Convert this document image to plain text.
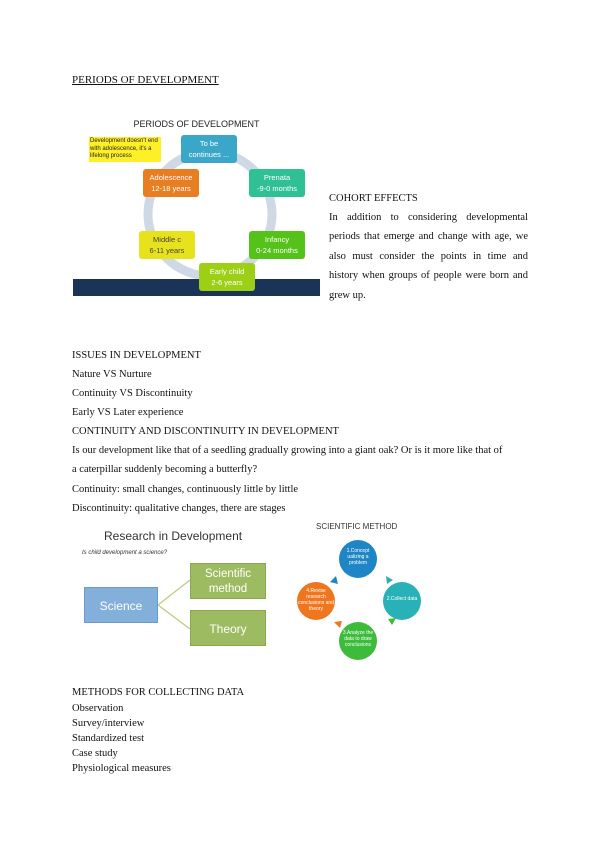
PERIODS OF DEVELOPMENT
PERIODS OF DEVELOPMENT
Development doesn't end with adolescence, it's a lifelong process
To be
continues ...
Prenata
-9-0 months
Infancy
0-24 months
Early child
2-6 years
Middle c
6-11 years
Adolescence
12-18 years
COHORT EFFECTS
In addition to considering developmental periods that emerge and change with age, we also must consider the points in time and history when groups of people were born and grew up.
ISSUES IN DEVELOPMENT
Nature VS Nurture
Continuity VS Discontinuity
Early VS Later experience
CONTINUITY AND DISCONTINUITY IN DEVELOPMENT
Is our development like that of a seedling gradually growing into a giant oak? Or is it more like that of
a caterpillar suddenly becoming a butterfly?
Continuity: small changes, continuously little by little
Discontinuity: qualitative changes, there are stages
Research in Development
Is child development a science?
Science
Scientific method
Theory
SCIENTIFIC METHOD
1.Concept ualizing a problem
2.Collect data
3.Analyze the data to draw conclusions
4.Revise research conclusions and theory
METHODS FOR COLLECTING DATA
Observation
Survey/interview
Standardized test
Case study
Physiological measures
